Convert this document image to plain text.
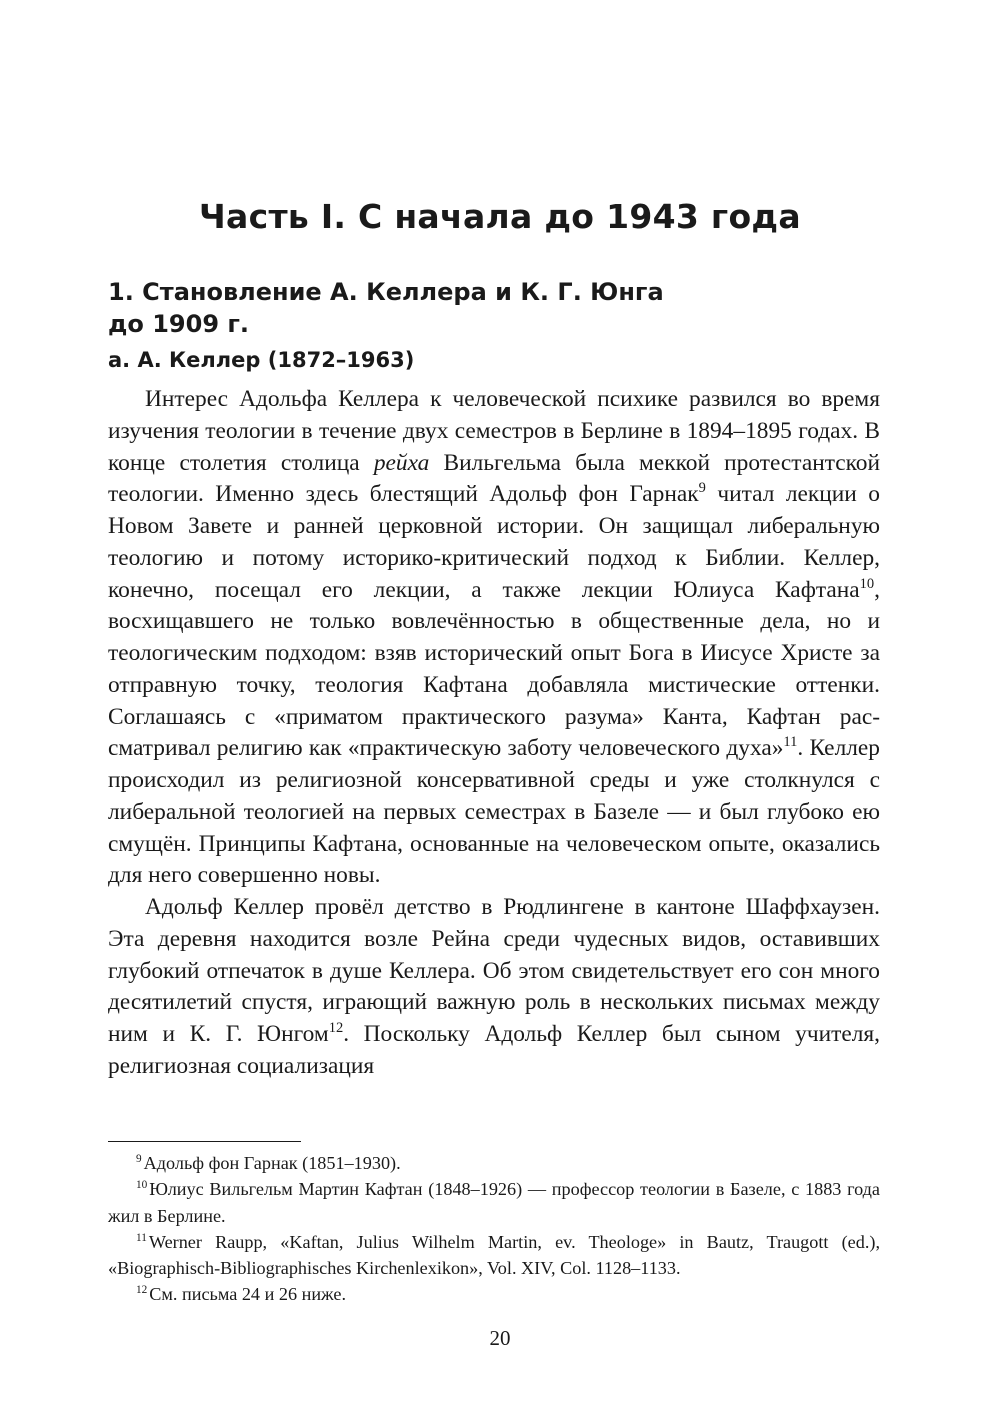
Часть I. С начала до 1943 года
1. Становление А. Келлера и К. Г. Юнга
до 1909 г.
a. А. Келлер (1872–1963)

Интерес Адольфа Келлера к человеческой психике развился во время изучения теологии в течение двух семестров в Берлине в 1894–1895 годах. В конце столетия столица рейха Вильгельма была меккой протестантской теологии. Именно здесь блестящий Адольф фон Гарнак$^9$ читал лекции о Новом Завете и ранней церковной истории. Он защищал либеральную теологию и потому историко-критический подход к Библии. Келлер, конечно, посещал его лекции, а также лекции Юлиуса Кафтана$^{10}$, восхищавшего не только вовлечённостью в общественные дела, но и теологическим подходом: взяв исторический опыт Бога в Иисусе Христе за отправную точку, теология Кафтана добавляла мистические оттенки. Соглашаясь с «приматом практического разума» Канта, Кафтан рассматривал религию как «практическую заботу человеческого духа»$^{11}$. Келлер происходил из религиозной консервативной среды и уже столкнулся с либеральной теологией на первых семестрах в Базеле — и был глубоко ею смущён. Принципы Кафтана, основанные на человеческом опыте, оказались для него совершенно новы.

Адольф Келлер провёл детство в Рюдлингене в кантоне Шаффхаузен. Эта деревня находится возле Рейна среди чудесных видов, оставивших глубокий отпечаток в душе Келлера. Об этом свидетельствует его сон много десятилетий спустя, играющий важную роль в нескольких письмах между ним и К. Г. Юнгом$^{12}$. Поскольку Адольф Келлер был сыном учителя, религиозная социализация

$^9$ Адольф фон Гарнак (1851–1930).

$^{10}$ Юлиус Вильгельм Мартин Кафтан (1848–1926) — профессор теологии в Базеле, с 1883 года жил в Берлине.

$^{11}$ Werner Raupp, «Kaftan, Julius Wilhelm Martin, ev. Theologe» in Bautz, Traugott (ed.), «Biographisch-Bibliographisches Kirchenlexikon», Vol. XIV, Col. 1128–1133.

$^{12}$ См. письма 24 и 26 ниже.

20
